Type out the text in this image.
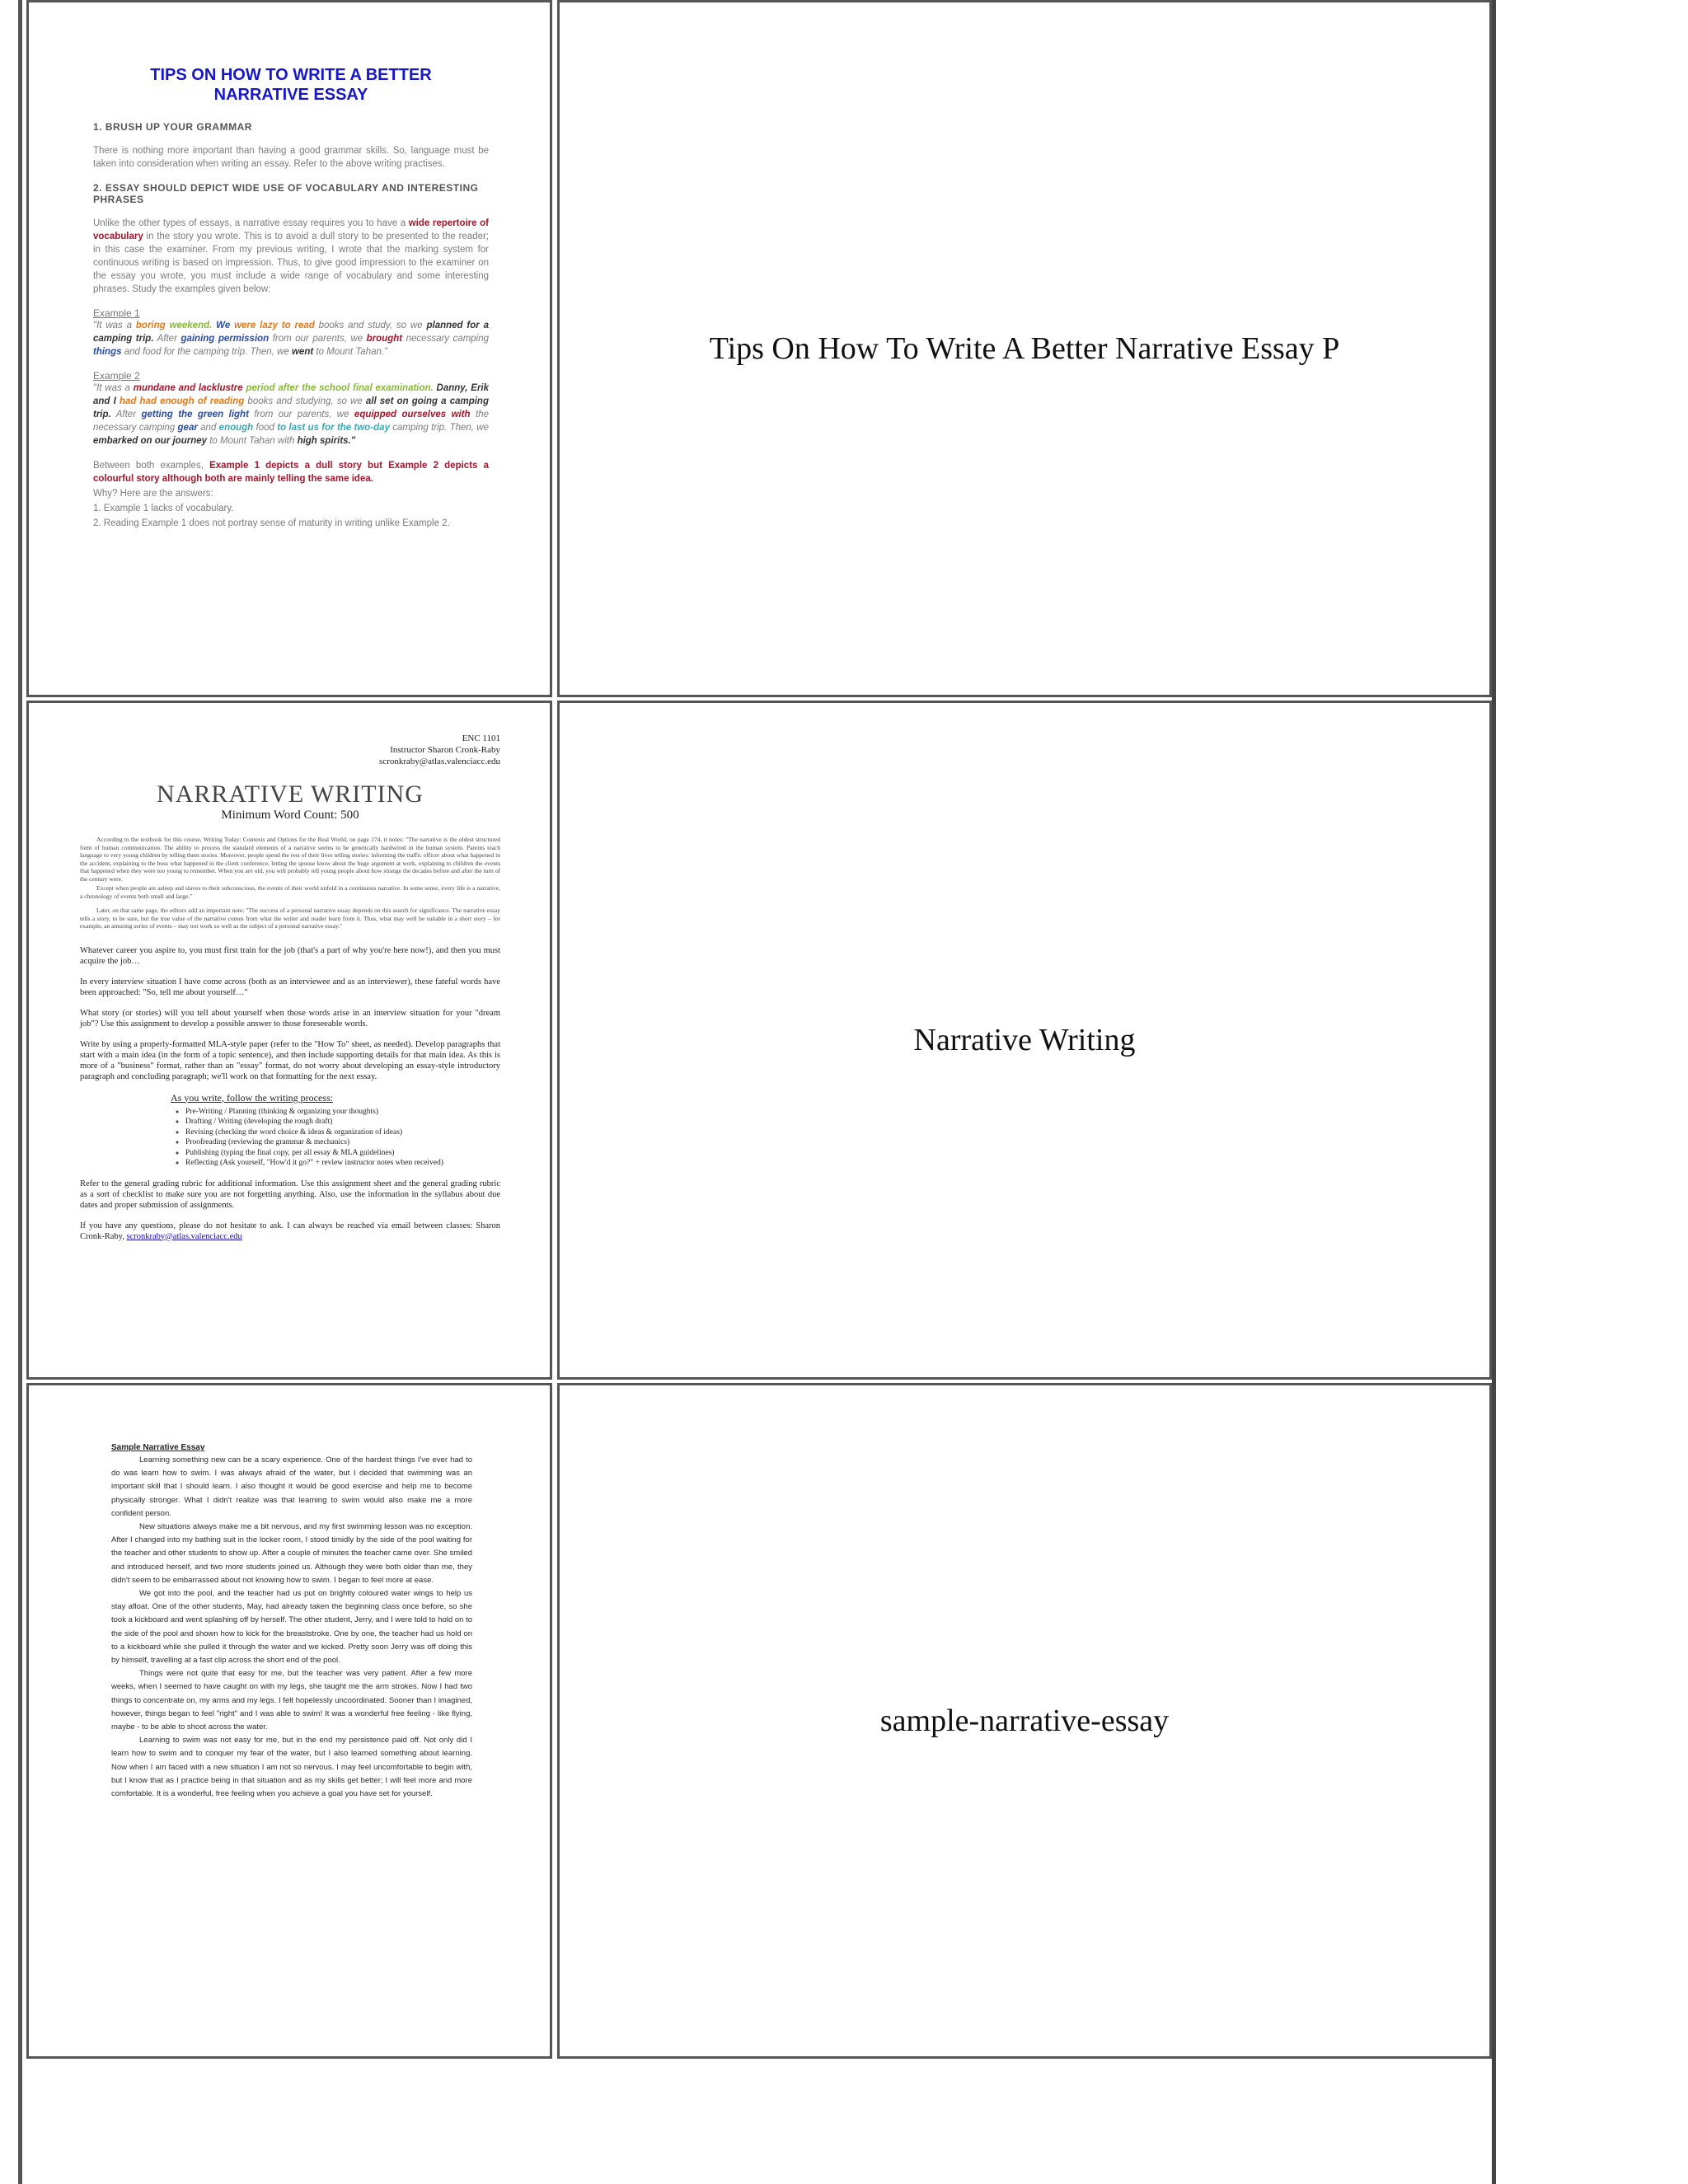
TIPS ON HOW TO WRITE A BETTER

NARRATIVE ESSAY

1. BRUSH UP YOUR GRAMMAR

There is nothing more important than having a good grammar skills. So, language must be taken into consideration when writing an essay. Refer to the above writing practises.

2. ESSAY SHOULD DEPICT WIDE USE OF VOCABULARY AND INTERESTING PHRASES

Unlike the other types of essays, a narrative essay requires you to have a wide repertoire of vocabulary in the story you wrote. This is to avoid a dull story to be presented to the reader; in this case the examiner. From my previous writing, I wrote that the marking system for continuous writing is based on impression. Thus, to give good impression to the examiner on the essay you wrote, you must include a wide range of vocabulary and some interesting phrases. Study the examples given below:

Example 1

"It was a boring weekend. We were lazy to read books and study, so we planned for a camping trip. After gaining permission from our parents, we brought necessary camping things and food for the camping trip. Then, we went to Mount Tahan."

Example 2

"It was a mundane and lacklustre period after the school final examination. Danny, Erik and I had had enough of reading books and studying, so we all set on going a camping trip. After getting the green light from our parents, we equipped ourselves with the necessary camping gear and enough food to last us for the two-day camping trip. Then, we embarked on our journey to Mount Tahan with high spirits."

Between both examples, Example 1 depicts a dull story but Example 2 depicts a colourful story although both are mainly telling the same idea.

Why? Here are the answers:

1. Example 1 lacks of vocabulary.

2. Reading Example 1 does not portray sense of maturity in writing unlike Example 2.

Tips On How To Write A Better Narrative Essay P
ENC 1101
Instructor Sharon Cronk-Raby
scronkraby@atlas.valenciacc.edu
NARRATIVE WRITING
Minimum Word Count: 500

According to the textbook for this course, Writing Today: Contexts and Options for the Real World, on page 174, it notes: "The narrative is the oldest structured form of human communication. The ability to process the standard elements of a narrative seems to be genetically hardwired in the human system. Parents teach language to very young children by telling them stories. Moreover, people spend the rest of their lives telling stories: informing the traffic officer about what happened in the accident, explaining to the boss what happened in the client conference, letting the spouse know about the huge argument at work, explaining to children the events that happened when they were too young to remember. When you are old, you will probably tell young people about how strange the decades before and after the turn of the century were.

Except when people are asleep and slaves to their subconscious, the events of their world unfold in a continuous narrative. In some sense, every life is a narrative, a chronology of events both small and large."

Later, on that same page, the editors add an important note: "The success of a personal narrative essay depends on this search for significance. The narrative essay tells a story, to be sure, but the true value of the narrative comes from what the writer and reader learn from it. Thus, what may well be suitable in a short story – for example, an amusing series of events – may not work so well as the subject of a personal narrative essay."

Whatever career you aspire to, you must first train for the job (that's a part of why you're here now!), and then you must acquire the job…

In every interview situation I have come across (both as an interviewee and as an interviewer), these fateful words have been approached: "So, tell me about yourself…"

What story (or stories) will you tell about yourself when those words arise in an interview situation for your "dream job"? Use this assignment to develop a possible answer to those foreseeable words.

Write by using a properly-formatted MLA-style paper (refer to the "How To" sheet, as needed). Develop paragraphs that start with a main idea (in the form of a topic sentence), and then include supporting details for that main idea. As this is more of a "business" format, rather than an "essay" format, do not worry about developing an essay-style introductory paragraph and concluding paragraph; we'll work on that formatting for the next essay.

As you write, follow the writing process:
◦ Pre-Writing / Planning (thinking & organizing your thoughts)
◦ Drafting / Writing (developing the rough draft)
◦ Revising (checking the word choice & ideas & organization of ideas)
◦ Proofreading (reviewing the grammar & mechanics)
◦ Publishing (typing the final copy, per all essay & MLA guidelines)
◦ Reflecting (Ask yourself, "How'd it go?" + review instructor notes when received)

Refer to the general grading rubric for additional information. Use this assignment sheet and the general grading rubric as a sort of checklist to make sure you are not forgetting anything. Also, use the information in the syllabus about due dates and proper submission of assignments.

If you have any questions, please do not hesitate to ask. I can always be reached via email between classes: Sharon Cronk-Raby, scronkraby@atlas.valenciacc.edu

Narrative Writing
Sample Narrative Essay

Learning something new can be a scary experience. One of the hardest things I've ever had to do was learn how to swim. I was always afraid of the water, but I decided that swimming was an important skill that I should learn. I also thought it would be good exercise and help me to become physically stronger. What I didn't realize was that learning to swim would also make me a more confident person.

New situations always make me a bit nervous, and my first swimming lesson was no exception. After I changed into my bathing suit in the locker room, I stood timidly by the side of the pool waiting for the teacher and other students to show up. After a couple of minutes the teacher came over. She smiled and introduced herself, and two more students joined us. Although they were both older than me, they didn't seem to be embarrassed about not knowing how to swim. I began to feel more at ease.

We got into the pool, and the teacher had us put on brightly coloured water wings to help us stay afloat. One of the other students, May, had already taken the beginning class once before, so she took a kickboard and went splashing off by herself. The other student, Jerry, and I were told to hold on to the side of the pool and shown how to kick for the breaststroke. One by one, the teacher had us hold on to a kickboard while she pulled it through the water and we kicked. Pretty soon Jerry was off doing this by himself, travelling at a fast clip across the short end of the pool.

Things were not quite that easy for me, but the teacher was very patient. After a few more weeks, when I seemed to have caught on with my legs, she taught me the arm strokes. Now I had two things to concentrate on, my arms and my legs. I felt hopelessly uncoordinated. Sooner than I imagined, however, things began to feel "right" and I was able to swim! It was a wonderful free feeling - like flying, maybe - to be able to shoot across the water.

Learning to swim was not easy for me, but in the end my persistence paid off. Not only did I learn how to swim and to conquer my fear of the water, but I also learned something about learning. Now when I am faced with a new situation I am not so nervous. I may feel uncomfortable to begin with, but I know that as I practice being in that situation and as my skills get better; I will feel more and more comfortable. It is a wonderful, free feeling when you achieve a goal you have set for yourself.

sample-narrative-essay
